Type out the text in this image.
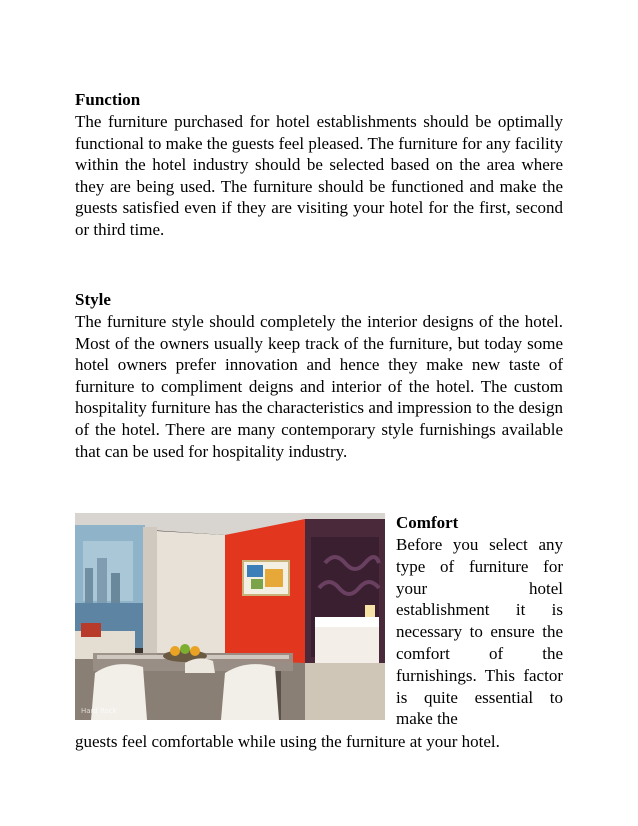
Function

The furniture purchased for hotel establishments should be optimally functional to make the guests feel pleased. The furniture for any facility within the hotel industry should be selected based on the area where they are being used. The furniture should be functioned and make the guests satisfied even if they are visiting your hotel for the first, second or third time.

Style

The furniture style should completely the interior designs of the hotel. Most of the owners usually keep track of the furniture, but today some hotel owners prefer innovation and hence they make new taste of furniture to compliment deigns and interior of the hotel. The custom hospitality furniture has the characteristics and impression to the design of the hotel. There are many contemporary style furnishings available that can be used for hospitality industry.

Hard Rock

Comfort

Before you select any type of furniture for your hotel establishment it is necessary to ensure the comfort of the furnishings. This factor is quite essential to make the

guests feel comfortable while using the furniture at your hotel.
